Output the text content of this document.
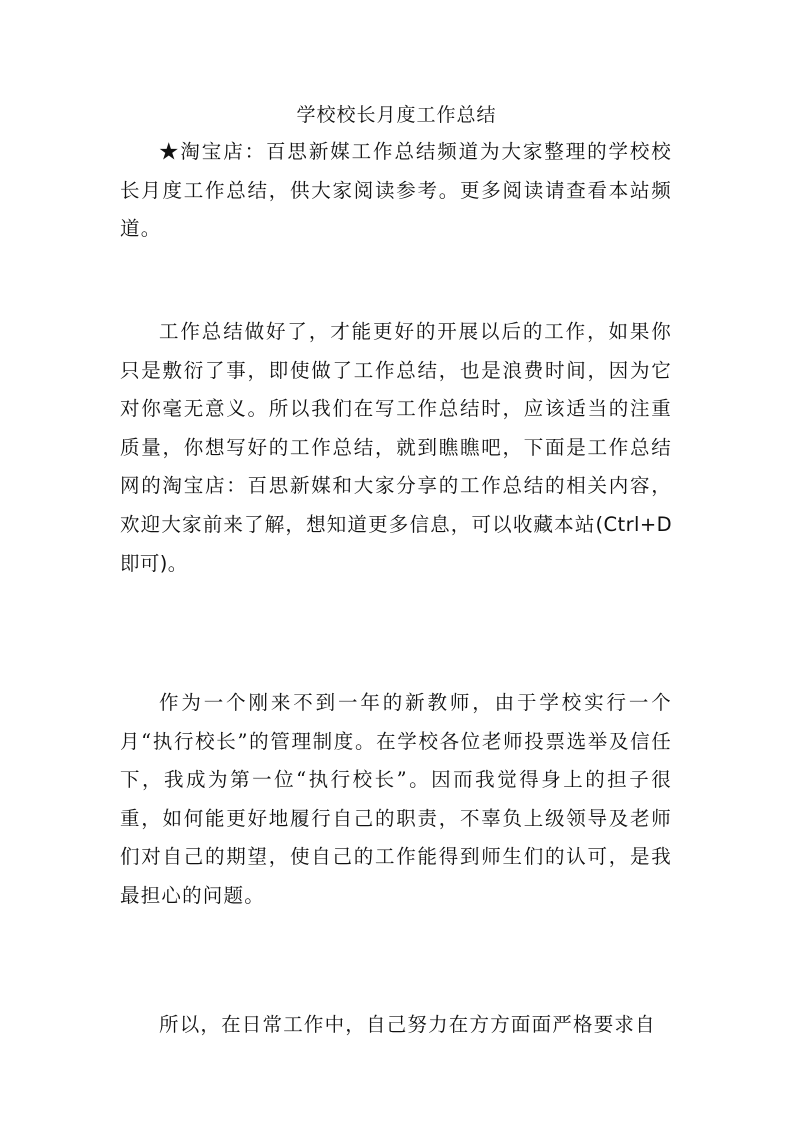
学校校长月度工作总结

★淘宝店：百思新媒工作总结频道为大家整理的学校校长月度工作总结，供大家阅读参考。更多阅读请查看本站频道。

工作总结做好了，才能更好的开展以后的工作，如果你只是敷衍了事，即使做了工作总结，也是浪费时间，因为它对你毫无意义。所以我们在写工作总结时，应该适当的注重质量，你想写好的工作总结，就到瞧瞧吧，下面是工作总结网的淘宝店：百思新媒和大家分享的工作总结的相关内容，欢迎大家前来了解，想知道更多信息，可以收藏本站(Ctrl+D即可)。

作为一个刚来不到一年的新教师，由于学校实行一个月“执行校长”的管理制度。在学校各位老师投票选举及信任下，我成为第一位“执行校长”。因而我觉得身上的担子很重，如何能更好地履行自己的职责，不辜负上级领导及老师们对自己的期望，使自己的工作能得到师生们的认可，是我最担心的问题。

所以，在日常工作中，自己努力在方方面面严格要求自
